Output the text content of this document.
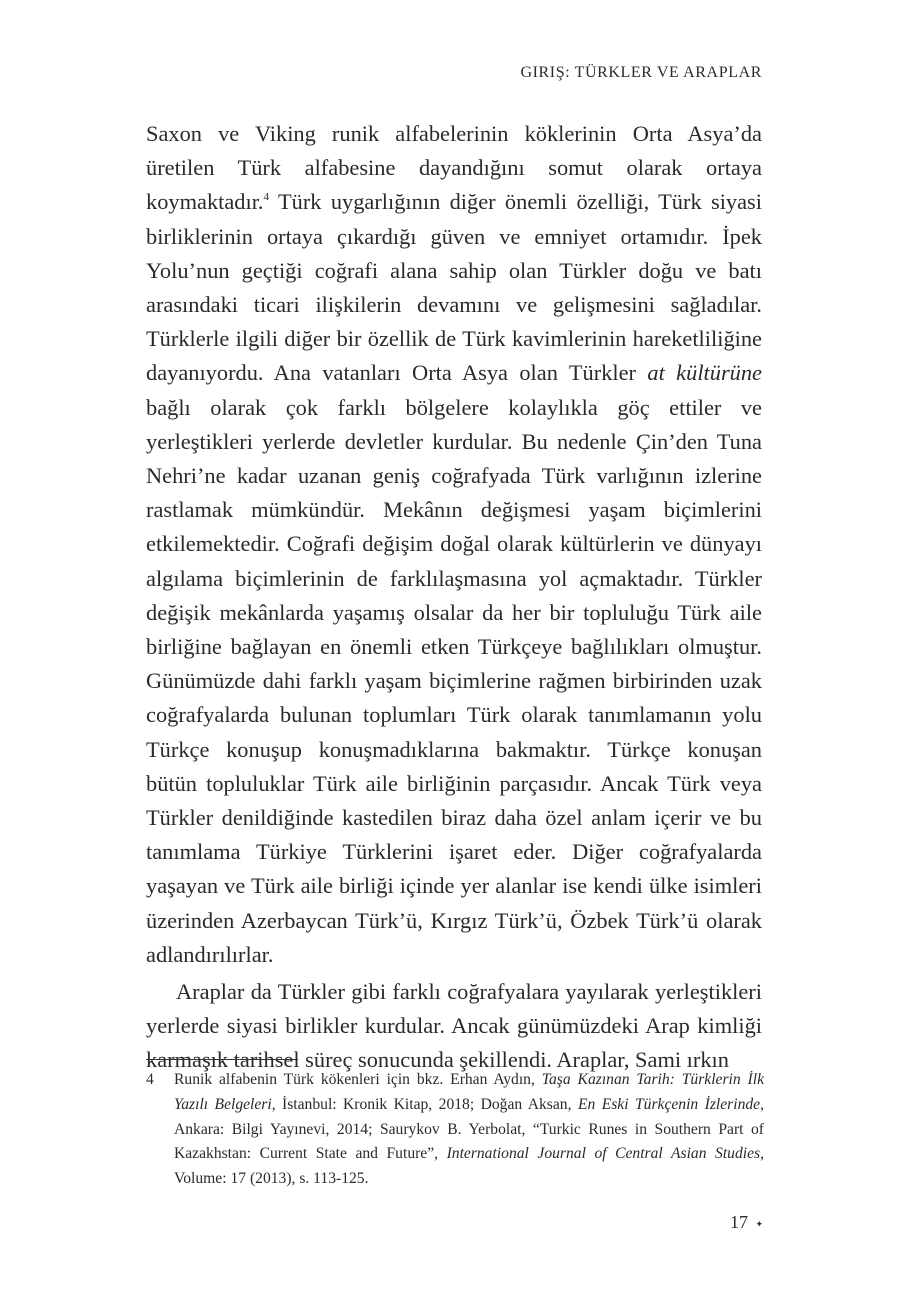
GIRIŞ: TÜRKLER VE ARAPLAR

Saxon ve Viking runik alfabelerinin köklerinin Orta Asya’da üretilen Türk alfabesine dayandığını somut olarak ortaya koymaktadır.$^4$ Türk uygarlığının diğer önemli özelliği, Türk siyasi birliklerinin ortaya çıkardığı güven ve emniyet ortamıdır. İpek Yolu’nun geçtiği coğrafi alana sahip olan Türkler doğu ve batı arasındaki ticari ilişkilerin devamını ve gelişmesini sağladılar. Türklerle ilgili diğer bir özellik de Türk kavimlerinin hareketliliğine dayanıyordu. Ana vatanları Orta Asya olan Türkler at kültürüne bağlı olarak çok farklı bölgelere kolaylıkla göç ettiler ve yerleştikleri yerlerde devletler kurdular. Bu nedenle Çin’den Tuna Nehri’ne kadar uzanan geniş coğrafyada Türk varlığının izlerine rastlamak mümkündür. Mekânın değişmesi yaşam biçimlerini etkilemektedir. Coğrafi değişim doğal olarak kültürlerin ve dünyayı algılama biçimlerinin de farklılaşmasına yol açmaktadır. Türkler değişik mekânlarda yaşamış olsalar da her bir topluluğu Türk aile birliğine bağlayan en önemli etken Türkçeye bağlılıkları olmuştur. Günümüzde dahi farklı yaşam biçimlerine rağmen birbirinden uzak coğrafyalarda bulunan toplumları Türk olarak tanımlamanın yolu Türkçe konuşup konuşmadıklarına bakmaktır. Türkçe konuşan bütün topluluklar Türk aile birliğinin parçasıdır. Ancak Türk veya Türkler denildiğinde kastedilen biraz daha özel anlam içerir ve bu tanımlama Türkiye Türklerini işaret eder. Diğer coğrafyalarda yaşayan ve Türk aile birliği içinde yer alanlar ise kendi ülke isimleri üzerinden Azerbaycan Türk’ü, Kırgız Türk’ü, Özbek Türk’ü olarak adlandırılırlar.

Araplar da Türkler gibi farklı coğrafyalara yayılarak yerleştikleri yerlerde siyasi birlikler kurdular. Ancak günümüzdeki Arap kimliği karmaşık tarihsel süreç sonucunda şekillendi. Araplar, Sami ırkın

4 Runik alfabenin Türk kökenleri için bkz. Erhan Aydın, Taşa Kazınan Tarih: Türklerin İlk Yazılı Belgeleri, İstanbul: Kronik Kitap, 2018; Doğan Aksan, En Eski Türkçenin İzlerinde, Ankara: Bilgi Yayınevi, 2014; Saurykov B. Yerbolat, “Turkic Runes in Southern Part of Kazakhstan: Current State and Future”, International Journal of Central Asian Studies, Volume: 17 (2013), s. 113-125.
17 ✦
